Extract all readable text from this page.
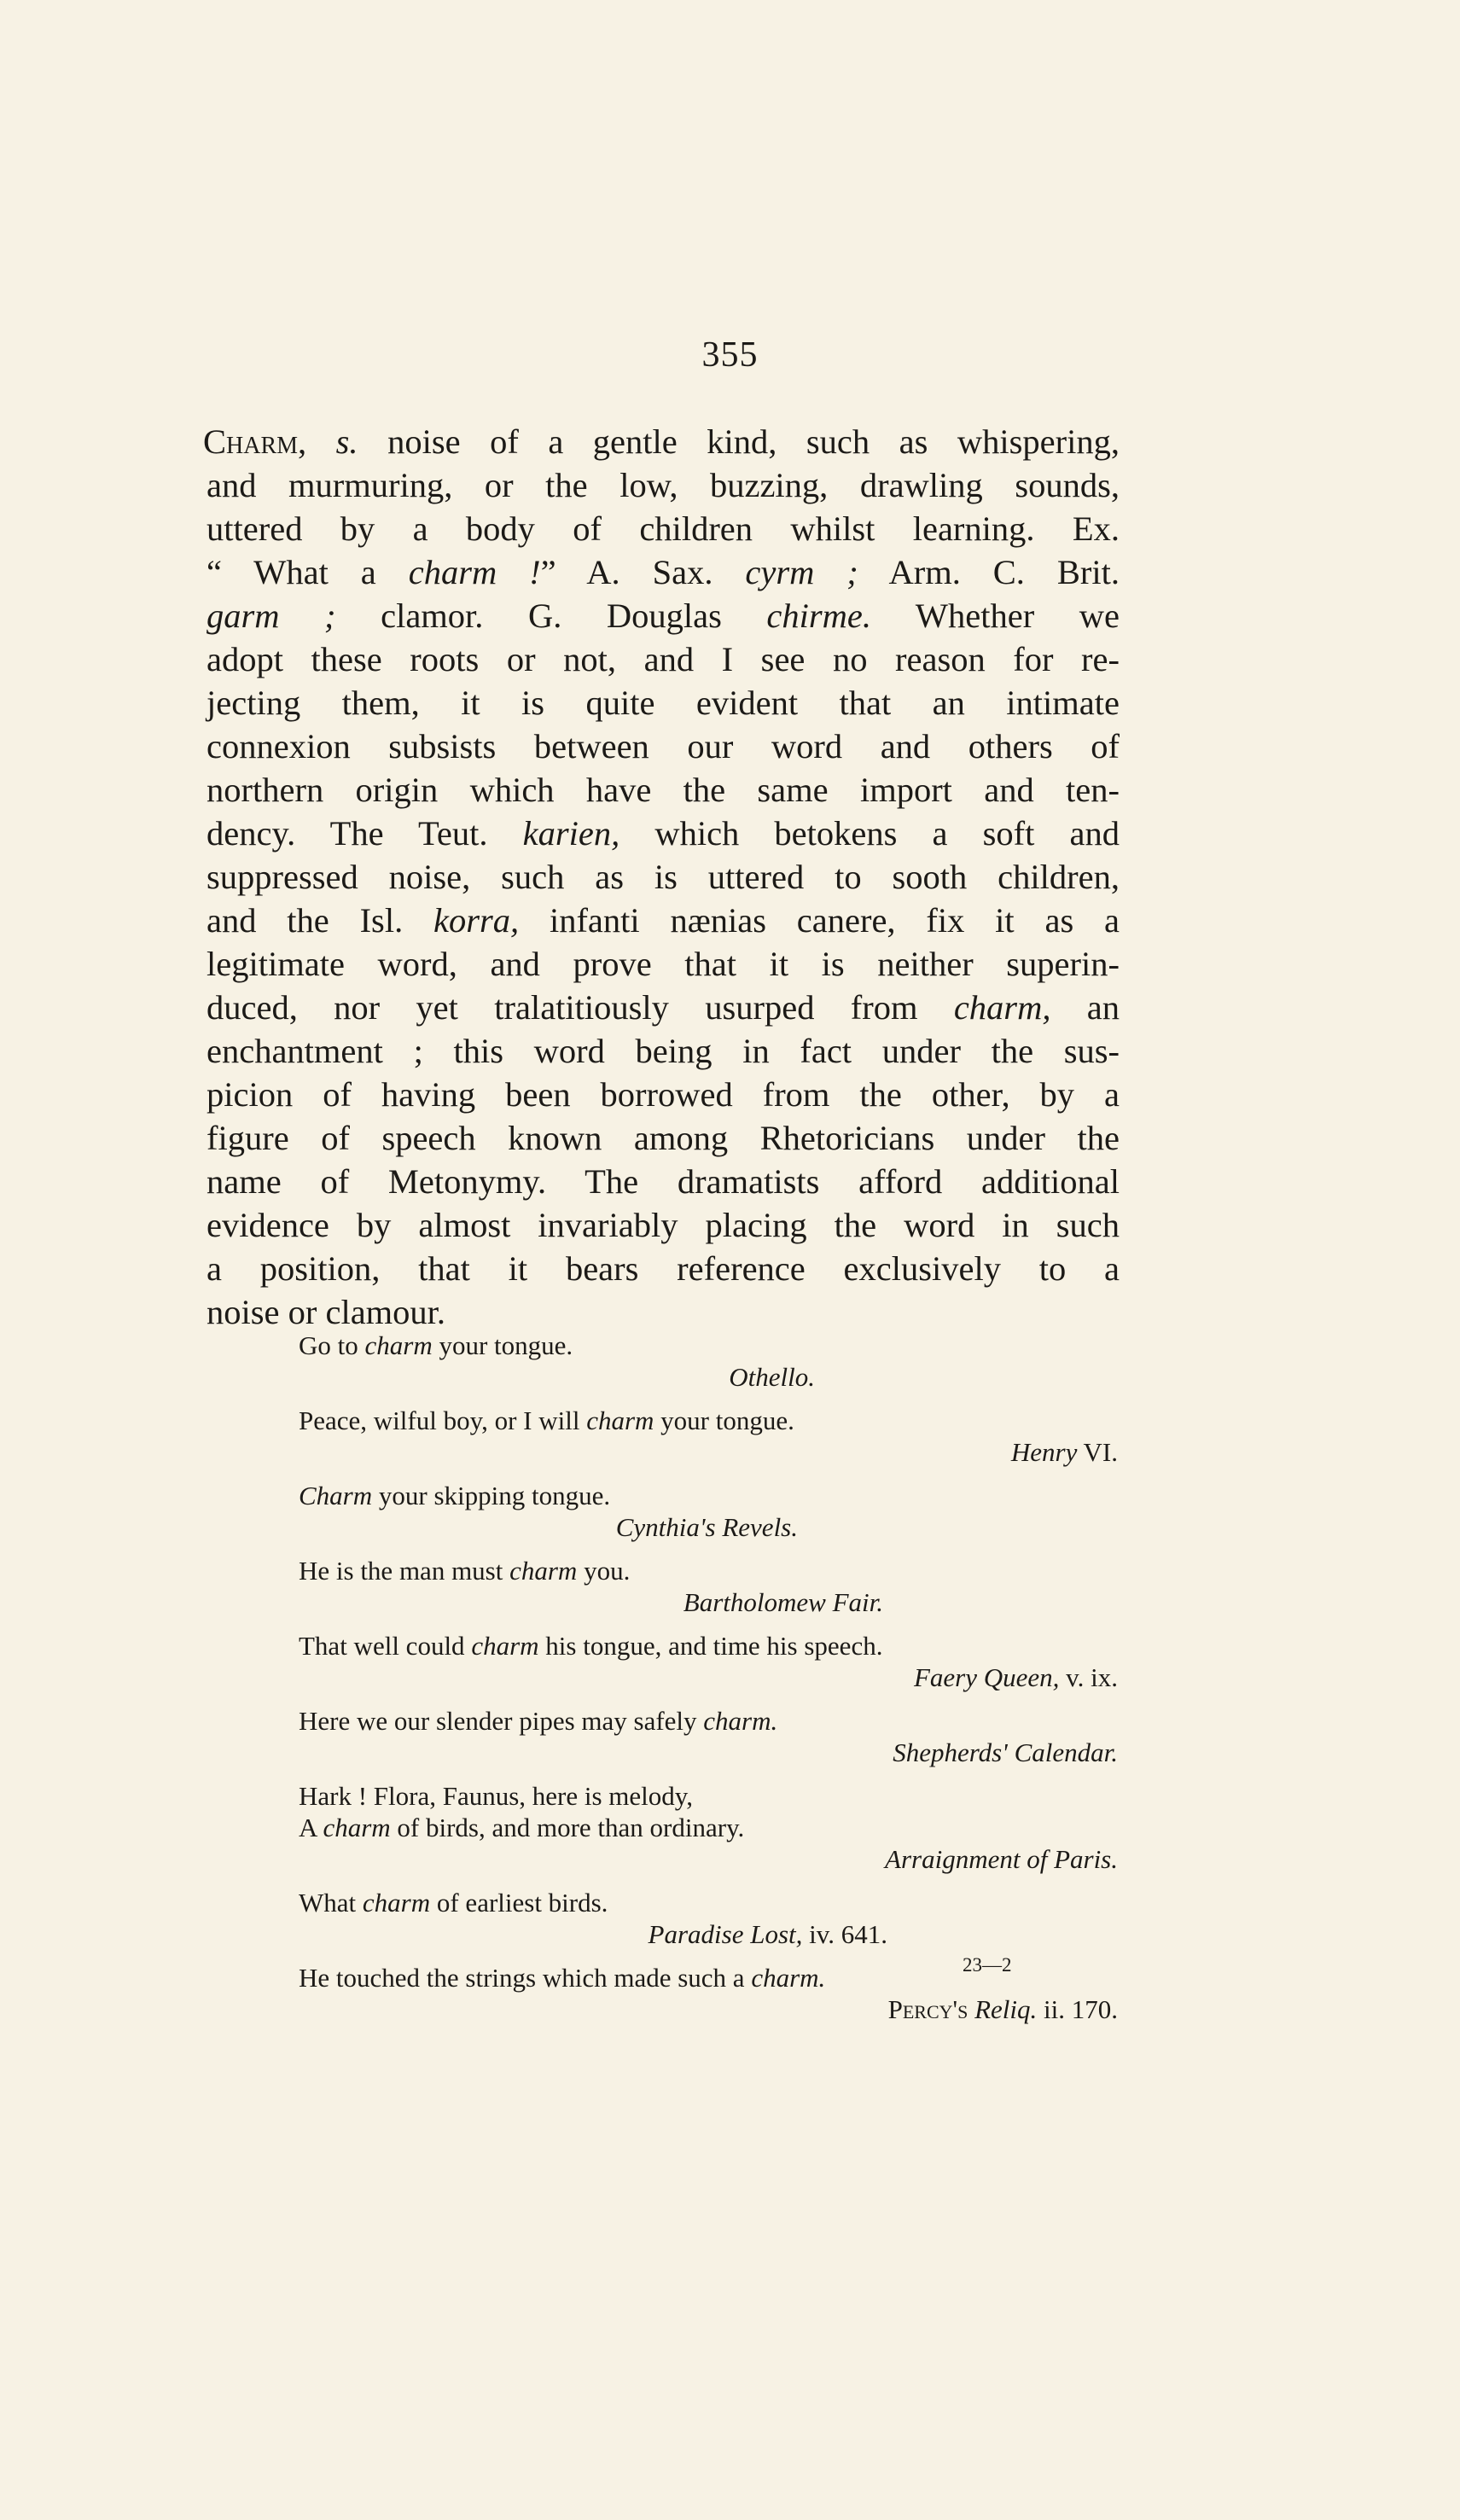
355

Charm, s. noise of a gentle kind, such as whispering,
and murmuring, or the low, buzzing, drawling sounds,
uttered by a body of children whilst learning. Ex.
“ What a charm !” A. Sax. cyrm ; Arm. C. Brit.
garm ; clamor. G. Douglas chirme. Whether we
adopt these roots or not, and I see no reason for re-
jecting them, it is quite evident that an intimate
connexion subsists between our word and others of
northern origin which have the same import and ten-
dency. The Teut. karien, which betokens a soft and
suppressed noise, such as is uttered to sooth children,
and the Isl. korra, infanti nænias canere, fix it as a
legitimate word, and prove that it is neither superin-
duced, nor yet tralatitiously usurped from charm, an
enchantment ; this word being in fact under the sus-
picion of having been borrowed from the other, by a
figure of speech known among Rhetoricians under the
name of Metonymy. The dramatists afford additional
evidence by almost invariably placing the word in such
a position, that it bears reference exclusively to a
noise or clamour.

Go to charm your tongue.
Othello.
Peace, wilful boy, or I will charm your tongue.
Henry VI.
Charm your skipping tongue.
Cynthia's Revels.
He is the man must charm you.
Bartholomew Fair.
That well could charm his tongue, and time his speech.
Faery Queen, v. ix.
Here we our slender pipes may safely charm.
Shepherds' Calendar.
Hark ! Flora, Faunus, here is melody,
A charm of birds, and more than ordinary.
Arraignment of Paris.
What charm of earliest birds.
Paradise Lost, iv. 641.
He touched the strings which made such a charm.
Percy's Reliq. ii. 170.
23—2
